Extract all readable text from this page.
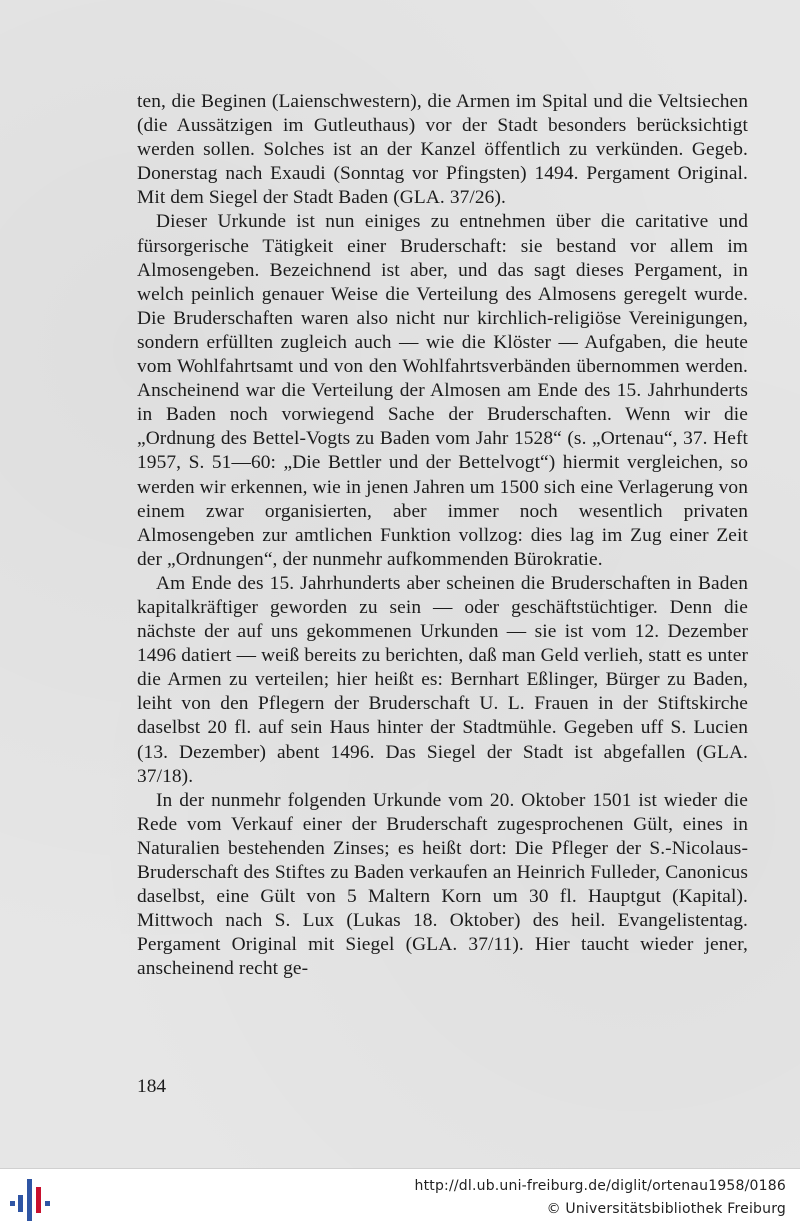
ten, die Beginen (Laienschwestern), die Armen im Spital und die Veltsiechen (die Aussätzigen im Gutleuthaus) vor der Stadt besonders berücksichtigt werden sollen. Solches ist an der Kanzel öffentlich zu verkünden. Gegeb. Donerstag nach Exaudi (Sonntag vor Pfingsten) 1494. Pergament Original. Mit dem Siegel der Stadt Baden (GLA. 37/26).

Dieser Urkunde ist nun einiges zu entnehmen über die caritative und fürsorgerische Tätigkeit einer Bruderschaft: sie bestand vor allem im Almosengeben. Bezeichnend ist aber, und das sagt dieses Pergament, in welch peinlich genauer Weise die Verteilung des Almosens geregelt wurde. Die Bruderschaften waren also nicht nur kirchlich-religiöse Vereinigungen, sondern erfüllten zugleich auch — wie die Klöster — Aufgaben, die heute vom Wohlfahrtsamt und von den Wohlfahrtsverbänden übernommen werden. Anscheinend war die Verteilung der Almosen am Ende des 15. Jahrhunderts in Baden noch vorwiegend Sache der Bruderschaften. Wenn wir die „Ordnung des Bettel-Vogts zu Baden vom Jahr 1528“ (s. „Ortenau“, 37. Heft 1957, S. 51—60: „Die Bettler und der Bettelvogt“) hiermit vergleichen, so werden wir erkennen, wie in jenen Jahren um 1500 sich eine Verlagerung von einem zwar organisierten, aber immer noch wesentlich privaten Almosengeben zur amtlichen Funktion vollzog: dies lag im Zug einer Zeit der „Ordnungen“, der nunmehr aufkommenden Bürokratie.

Am Ende des 15. Jahrhunderts aber scheinen die Bruderschaften in Baden kapitalkräftiger geworden zu sein — oder geschäftstüchtiger. Denn die nächste der auf uns gekommenen Urkunden — sie ist vom 12. Dezember 1496 datiert — weiß bereits zu berichten, daß man Geld verlieh, statt es unter die Armen zu verteilen; hier heißt es: Bernhart Eßlinger, Bürger zu Baden, leiht von den Pflegern der Bruderschaft U. L. Frauen in der Stiftskirche daselbst 20 fl. auf sein Haus hinter der Stadtmühle. Gegeben uff S. Lucien (13. Dezember) abent 1496. Das Siegel der Stadt ist abgefallen (GLA. 37/18).

In der nunmehr folgenden Urkunde vom 20. Oktober 1501 ist wieder die Rede vom Verkauf einer der Bruderschaft zugesprochenen Gült, eines in Naturalien bestehenden Zinses; es heißt dort: Die Pfleger der S.-Nicolaus-Bruderschaft des Stiftes zu Baden verkaufen an Heinrich Fulleder, Canonicus daselbst, eine Gült von 5 Maltern Korn um 30 fl. Hauptgut (Kapital). Mittwoch nach S. Lux (Lukas 18. Oktober) des heil. Evangelistentag. Pergament Original mit Siegel (GLA. 37/11). Hier taucht wieder jener, anscheinend recht ge-

184
http://dl.ub.uni-freiburg.de/diglit/ortenau1958/0186
© Universitätsbibliothek Freiburg
